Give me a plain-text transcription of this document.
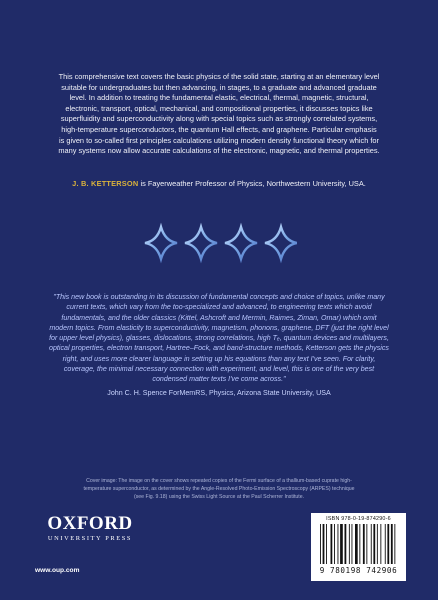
This comprehensive text covers the basic physics of the solid state, starting at an elementary level suitable for undergraduates but then advancing, in stages, to a graduate and advanced graduate level. In addition to treating the fundamental elastic, electrical, thermal, magnetic, structural, electronic, transport, optical, mechanical, and compositional properties, it discusses topics like superfluidity and superconductivity along with special topics such as strongly correlated systems, high-temperature superconductors, the quantum Hall effects, and graphene. Particular emphasis is given to so-called first principles calculations utilizing modern density functional theory which for many systems now allow accurate calculations of the electronic, magnetic, and thermal properties.
J. B. KETTERSON is Fayerweather Professor of Physics, Northwestern University, USA.
"This new book is outstanding in its discussion of fundamental concepts and choice of topics, unlike many current texts, which vary from the too-specialized and advanced, to engineering texts which avoid fundamentals, and the older classics (Kittel, Ashcroft and Mermin, Raimes, Ziman, Omar) which omit modern topics. From elasticity to superconductivity, magnetism, phonons, graphene, DFT (just the right level for upper level physics), glasses, dislocations, strong correlations, high Tₑ, quantum devices and multilayers, optical properties, electron transport, Hartree–Fock, and band-structure methods, Ketterson gets the physics right, and uses more clearer language in setting up his equations than any text I've seen. For clarity, coverage, the minimal necessary connection with experiment, and level, this is one of the very best condensed matter texts I've come across."
John C. H. Spence ForMemRS, Physics, Arizona State University, USA
Cover image: The image on the cover shows repeated copies of the Fermi surface of a thallium-based cuprate high-temperature superconductor, as determined by the Angle-Resolved Photo-Emission Spectroscopy (ARPES) technique (see Fig. 9.18) using the Swiss Light Source at the Paul Scherrer Institute.
OXFORD
UNIVERSITY PRESS
www.oup.com
ISBN 978-0-19-874290-6
9 780198 742906
